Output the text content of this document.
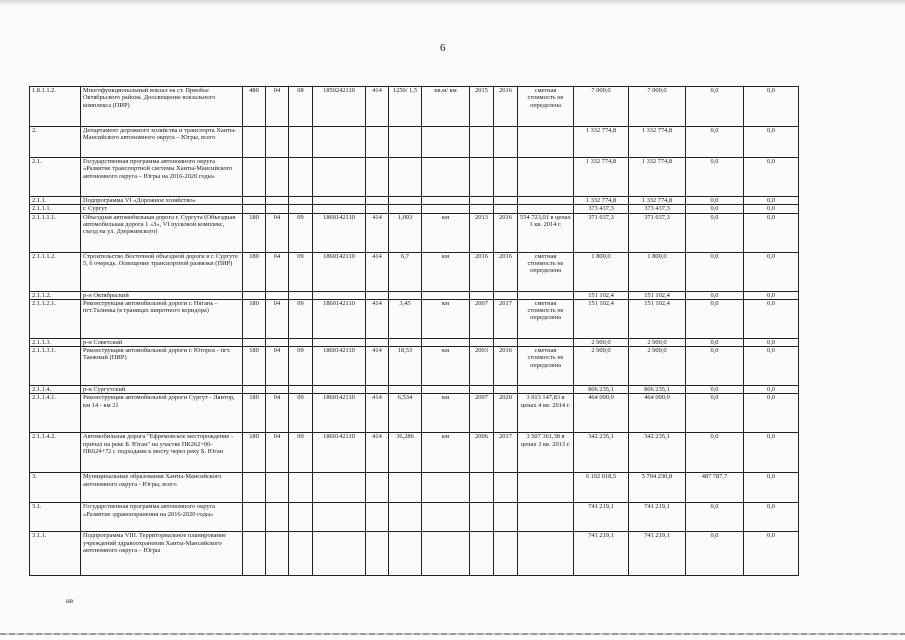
6
1.8.1.1.2.	Многофункциональный вокзал на ст. Приобье Октябрьского района. Доосвещение вокзального комплекса (ПИР)	480	04	08	1850242110	414	1250/ 1,5	кв.м/ км	2015	2016	сметная стоимость не определена	7 000,0	7 000,0	0,0	0,0
2.	Департамент дорожного хозяйства и транспорта Ханты-Мансийского автономного округа – Югры, всего											1 332 774,8	1 332 774,8	0,0	0,0
2.1.	Государственная программа автономного округа «Развитие транспортной системы Ханты-Мансийского автономного округа – Югры на 2016-2020 годы»											1 332 774,8	1 332 774,8	0,0	0,0
2.1.1.	Подпрограмма VI «Дорожное хозяйство»											1 332 774,8	1 332 774,8	0,0	0,0
2.1.1.1.	г. Сургут											373 437,3	373 437,3	0,0	0,0
2.1.1.1.1.	Объездная автомобильная дорога г. Сургута (Объездная автомобильная дорога 1 «З», VI пусковой комплекс, съезд на ул. Дзержинского)	180	04	09	1860142110	414	1,093	км	2013	2016	554 723,01 в ценах 1 кв. 2014 г.	371 637,3	371 637,3	0,0	0,0
2.1.1.1.2.	Строительство Восточной объездной дороги в г. Сургуте 5, 6 очередь. Освещение транспортной развязки (ПИР)	180	04	09	1860142110	414	6,7	км	2016	2016	сметная стоимость не определена	1 800,0	1 800,0	0,0	0,0
2.1.1.2.	р-н Октябрьский											151 102,4	151 102,4	0,0	0,0
2.1.1.2.1.	Реконструкция автомобильной дороги г. Нягань - пгт.Талинка (в границах широтного коридора)	180	04	09	1860142110	414	3,45	км	2007	2017	сметная стоимость не определена	151 102,4	151 102,4	0,0	0,0
2.1.1.3.	р-н Советский											2 000,0	2 000,0	0,0	0,0
2.1.1.3.1.	Реконструкция автомобильной дороги г. Югорск - пгт. Таежный (ПИР)	180	04	09	1860142110	414	18,53	км	2003	2016	сметная стоимость не определена	2 000,0	2 000,0	0,0	0,0
2.1.1.4.	р-н Сургутский											806 235,1	806 235,1	0,0	0,0
2.1.1.4.1.	Реконструкция автомобильной дороги Сургут - Лянтор, км 14 - км 21	180	04	09	1860142110	414	6,534	км	2007	2020	3 013 147,83 в ценах 4 кв. 2014 г.	464 000,0	464 000,0	0,0	0,0
2.1.1.4.2.	Автомобильная дорога "Ефремовское месторождение - причал на реке Б. Юган" на участке ПК262+00-ПК624+72 с подходами к мосту через реку Б. Юган	180	04	09	1860142110	414	36,286	км	2006	2017	3 507 361,38 в ценах 3 кв. 2013 г.	342 235,1	342 235,1	0,0	0,0
3.	Муниципальные образования Ханты-Мансийского автономного округа - Югры, всего											6 192 018,5	5 704 230,8	487 787,7	0,0
3.1.	Государственная программа автономного округа «Развитие здравоохранения на 2016-2020 годы»											741 219,1	741 219,1	0,0	0,0
3.1.1.	Подпрограмма VIII. Территориальное планирование учреждений здравоохранения Ханты-Мансийского автономного округа – Югры											741 219,1	741 219,1	0,0	0,0
нв
